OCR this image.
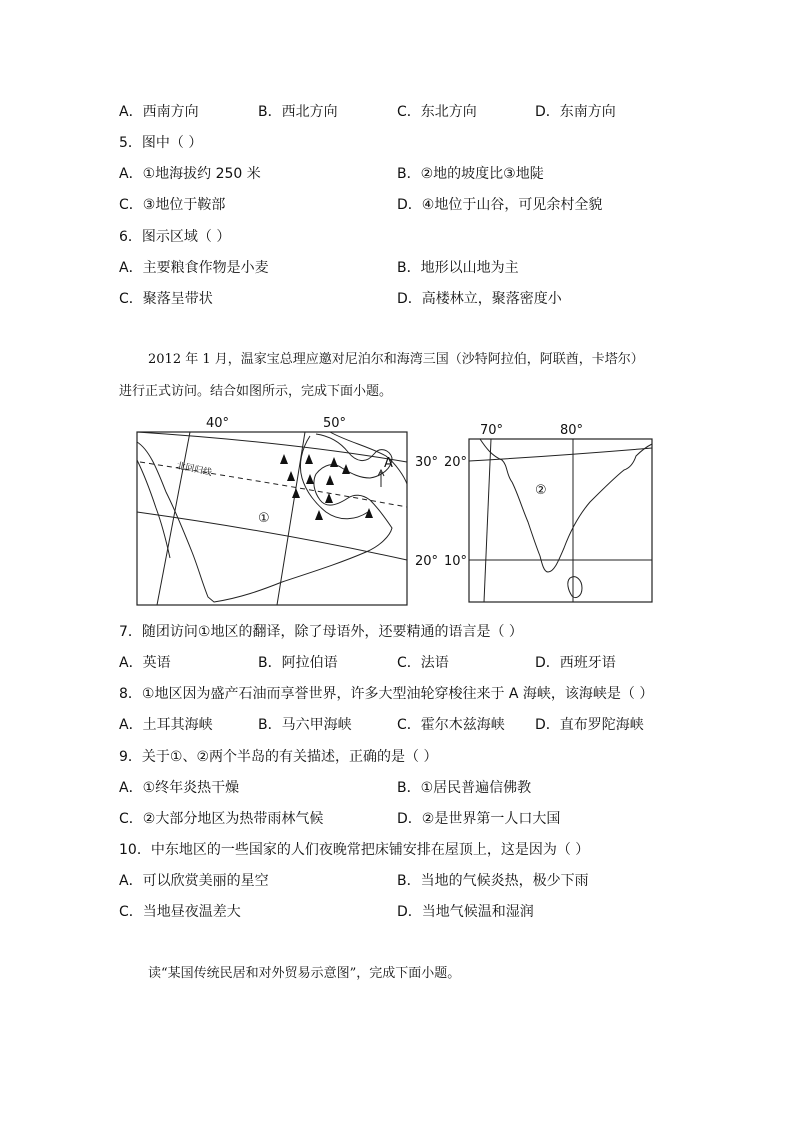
A．西南方向	B．西北方向	C．东北方向	D．东南方向
5．图中（ ）
A．①地海拔约 250 米	B．②地的坡度比③地陡
C．③地位于鞍部	D．④地位于山谷，可见余村全貌
6．图示区域（ ）
A．主要粮食作物是小麦	B．地形以山地为主
C．聚落呈带状	D．高楼林立，聚落密度小
2012 年 1 月，温家宝总理应邀对尼泊尔和海湾三国（沙特阿拉伯，阿联酋，卡塔尔）
进行正式访问。结合如图所示，完成下面小题。
40°	50°
北回归线
①
A 30°
20°
70°	80°
20°
10°
②
7．随团访问①地区的翻译，除了母语外，还要精通的语言是（ ）
A．英语	B．阿拉伯语	C．法语	D．西班牙语
8．①地区因为盛产石油而享誉世界，许多大型油轮穿梭往来于 A 海峡，该海峡是（ ）
A．土耳其海峡	B．马六甲海峡	C．霍尔木兹海峡 D．直布罗陀海峡
9．关于①、②两个半岛的有关描述，正确的是（ ）
A．①终年炎热干燥	B．①居民普遍信佛教
C．②大部分地区为热带雨林气候	D．②是世界第一人口大国
10．中东地区的一些国家的人们夜晚常把床铺安排在屋顶上，这是因为（ ）
A．可以欣赏美丽的星空	B．当地的气候炎热，极少下雨
C．当地昼夜温差大	D．当地气候温和湿润
读“某国传统民居和对外贸易示意图”，完成下面小题。
